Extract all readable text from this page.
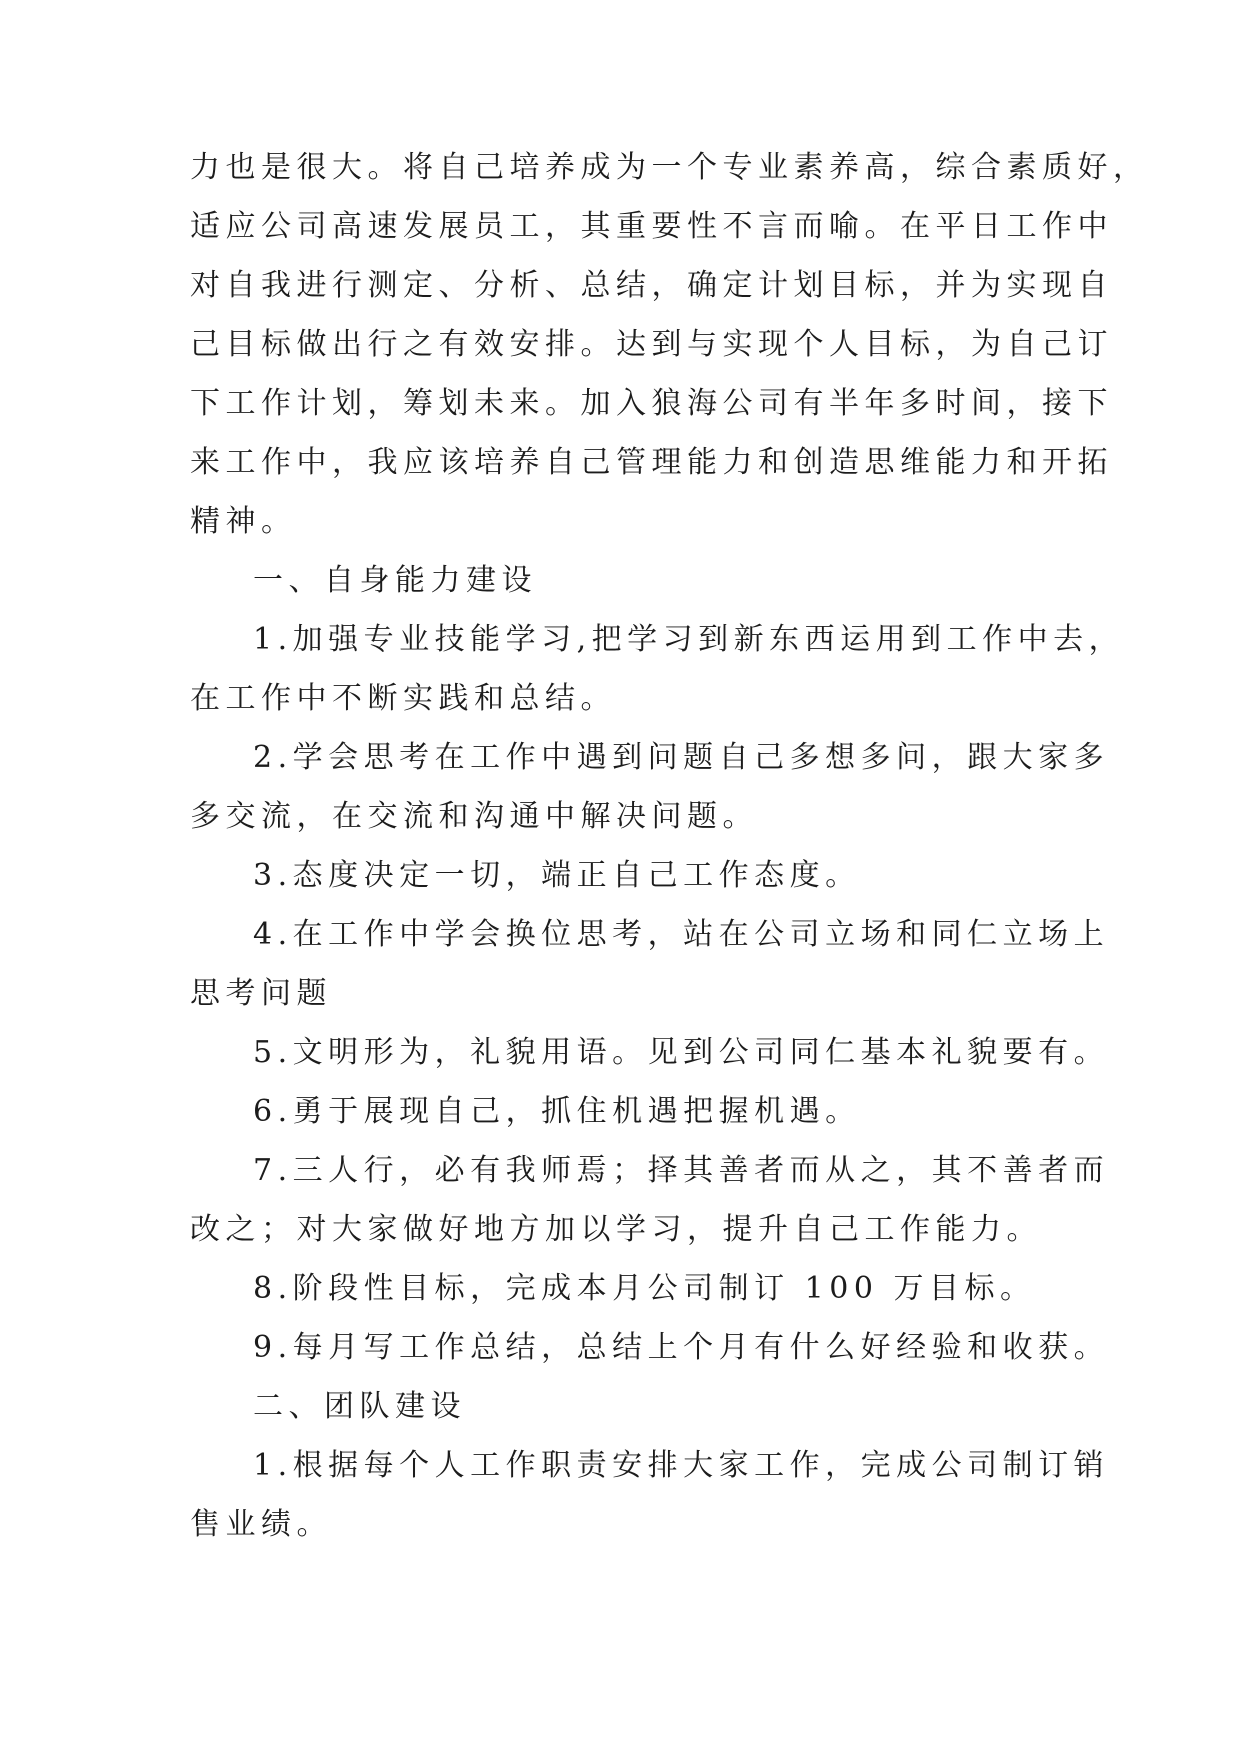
力也是很大。将自己培养成为一个专业素养高，综合素质好，
适应公司高速发展员工，其重要性不言而喻。在平日工作中
对自我进行测定、分析、总结，确定计划目标，并为实现自
己目标做出行之有效安排。达到与实现个人目标，为自己订
下工作计划，筹划未来。加入狼海公司有半年多时间，接下
来工作中，我应该培养自己管理能力和创造思维能力和开拓
精神。
一、自身能力建设
1.加强专业技能学习,把学习到新东西运用到工作中去，
在工作中不断实践和总结。
2.学会思考在工作中遇到问题自己多想多问，跟大家多
多交流，在交流和沟通中解决问题。
3.态度决定一切，端正自己工作态度。
4.在工作中学会换位思考，站在公司立场和同仁立场上
思考问题
5.文明形为，礼貌用语。见到公司同仁基本礼貌要有。
6.勇于展现自己，抓住机遇把握机遇。
7.三人行，必有我师焉；择其善者而从之，其不善者而
改之；对大家做好地方加以学习，提升自己工作能力。
8.阶段性目标，完成本月公司制订 100 万目标。
9.每月写工作总结，总结上个月有什么好经验和收获。
二、团队建设
1.根据每个人工作职责安排大家工作，完成公司制订销
售业绩。
